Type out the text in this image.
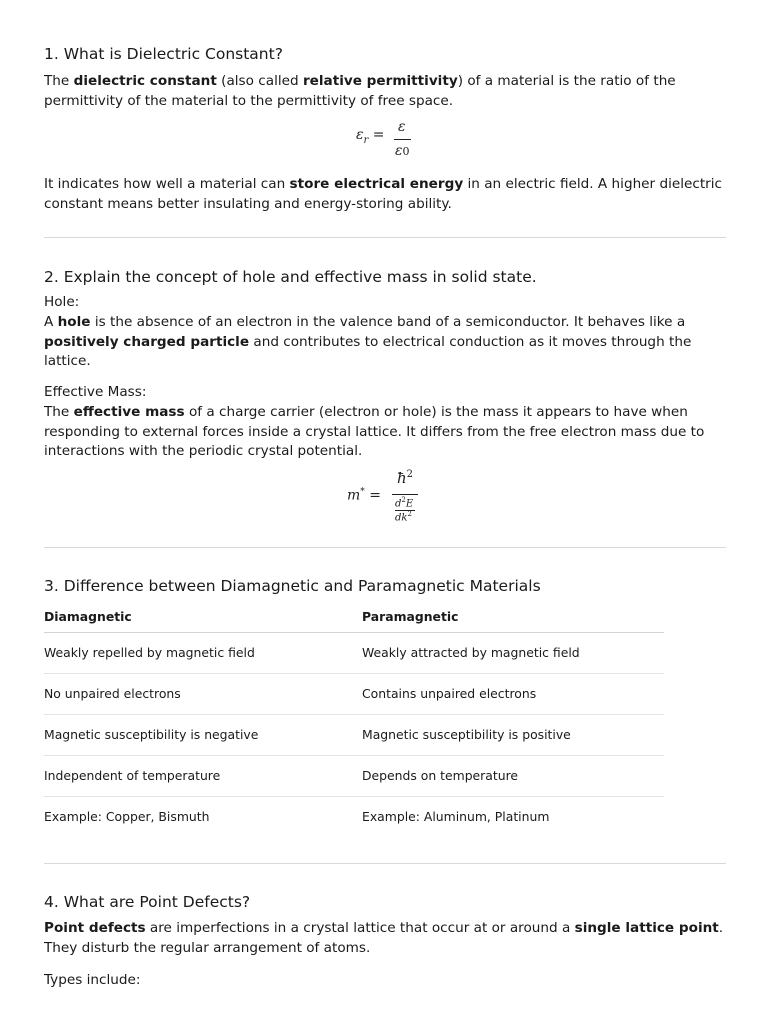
1. What is Dielectric Constant?
The dielectric constant (also called relative permittivity) of a material is the ratio of the permittivity of the material to the permittivity of free space.
$\varepsilon_r = \varepsilon$
ε0
It indicates how well a material can store electrical energy in an electric field. A higher dielectric constant means better insulating and energy-storing ability.
2. Explain the concept of hole and effective mass in solid state.
Hole:
A hole is the absence of an electron in the valence band of a semiconductor. It behaves like a positively charged particle and contributes to electrical conduction as it moves through the lattice.
Effective Mass:
The effective mass of a charge carrier (electron or hole) is the mass it appears to have when responding to external forces inside a crystal lattice. It differs from the free electron mass due to interactions with the periodic crystal potential.
m* =
$ħ^2$
$d^2E$
$dk^2$
3. Difference between Diamagnetic and Paramagnetic Materials
Diamagnetic	Paramagnetic
Weakly repelled by magnetic field	Weakly attracted by magnetic field
No unpaired electrons	Contains unpaired electrons
Magnetic susceptibility is negative	Magnetic susceptibility is positive
Independent of temperature	Depends on temperature
Example: Copper, Bismuth	Example: Aluminum, Platinum
4. What are Point Defects?
Point defects are imperfections in a crystal lattice that occur at or around a single lattice point. They disturb the regular arrangement of atoms.
Types include:
